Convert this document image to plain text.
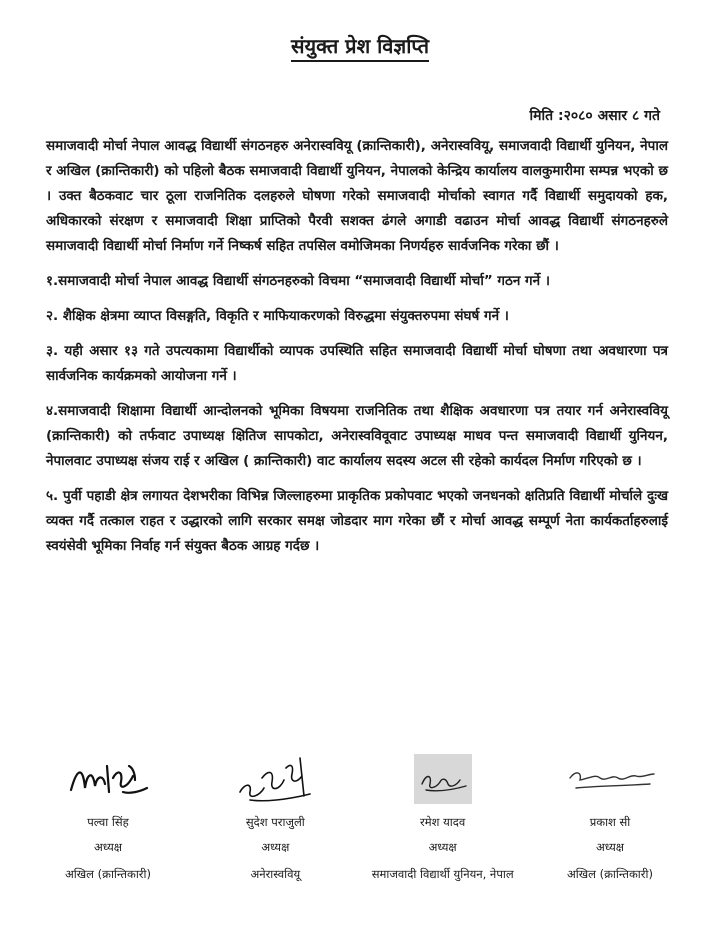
संयुक्त प्रेश विज्ञप्ति
मिति :२०८० असार ८ गते

समाजवादी मोर्चा नेपाल आवद्ध विद्यार्थी संगठनहरु अनेरास्ववियू (क्रान्तिकारी), अनेरास्ववियू, समाजवादी विद्यार्थी युनियन, नेपाल र अखिल (क्रान्तिकारी) को पहिलो बैठक समाजवादी विद्यार्थी युनियन, नेपालको केन्द्रिय कार्यालय वालकुमारीमा सम्पन्न भएको छ । उक्त बैठकवाट चार ठूला राजनितिक दलहरुले घोषणा गरेको समाजवादी मोर्चाको स्वागत गर्दै विद्यार्थी समुदायको हक, अधिकारको संरक्षण र समाजवादी शिक्षा प्राप्तिको पैरवी सशक्त ढंगले अगाडी वढाउन मोर्चा आवद्ध विद्यार्थी संगठनहरुले समाजवादी विद्यार्थी मोर्चा निर्माण गर्ने निष्कर्ष सहित तपसिल वमोजिमका निणर्यहरु सार्वजनिक गरेका छौं ।

१.समाजवादी मोर्चा नेपाल आवद्ध विद्यार्थी संगठनहरुको विचमा “समाजवादी विद्यार्थी मोर्चा” गठन गर्ने ।
२. शैक्षिक क्षेत्रमा व्याप्त विसङ्गति, विकृति र माफियाकरणको विरुद्धमा संयुक्तरुपमा संघर्ष गर्ने ।
३. यही असार १३ गते उपत्यकामा विद्यार्थीको व्यापक उपस्थिति सहित समाजवादी विद्यार्थी मोर्चा घोषणा तथा अवधारणा पत्र सार्वजनिक कार्यक्रमको आयोजना गर्ने ।
४.समाजवादी शिक्षामा विद्यार्थी आन्दोलनको भूमिका विषयमा राजनितिक तथा शैक्षिक अवधारणा पत्र तयार गर्न अनेरास्ववियू (क्रान्तिकारी) को तर्फवाट उपाध्यक्ष क्षितिज सापकोटा, अनेरास्वविवूवाट उपाध्यक्ष माधव पन्त समाजवादी विद्यार्थी युनियन, नेपालवाट उपाध्यक्ष संजय राई र अखिल ( क्रान्तिकारी) वाट कार्यालय सदस्य अटल सी रहेको कार्यदल निर्माण गरिएको छ ।
५. पुर्वी पहाडी क्षेत्र लगायत देशभरीका विभिन्न जिल्लाहरुमा प्राकृतिक प्रकोपवाट भएको जनधनको क्षतिप्रति विद्यार्थी मोर्चाले दुःख व्यक्त गर्दै तत्काल राहत र उद्धारको लागि सरकार समक्ष जोडदार माग गरेका छौं र मोर्चा आवद्ध सम्पूर्ण नेता कार्यकर्ताहरुलाई स्वयंसेवी भूमिका निर्वाह गर्न संयुक्त बैठक आग्रह गर्दछ ।
पल्वा सिंह
अध्यक्ष
अखिल (क्रान्तिकारी)
सुदेश पराजुली
अध्यक्ष
अनेरास्ववियू
रमेश यादव
अध्यक्ष
समाजवादी विद्यार्थी युनियन, नेपाल
प्रकाश सी
अध्यक्ष
अखिल (क्रान्तिकारी)
